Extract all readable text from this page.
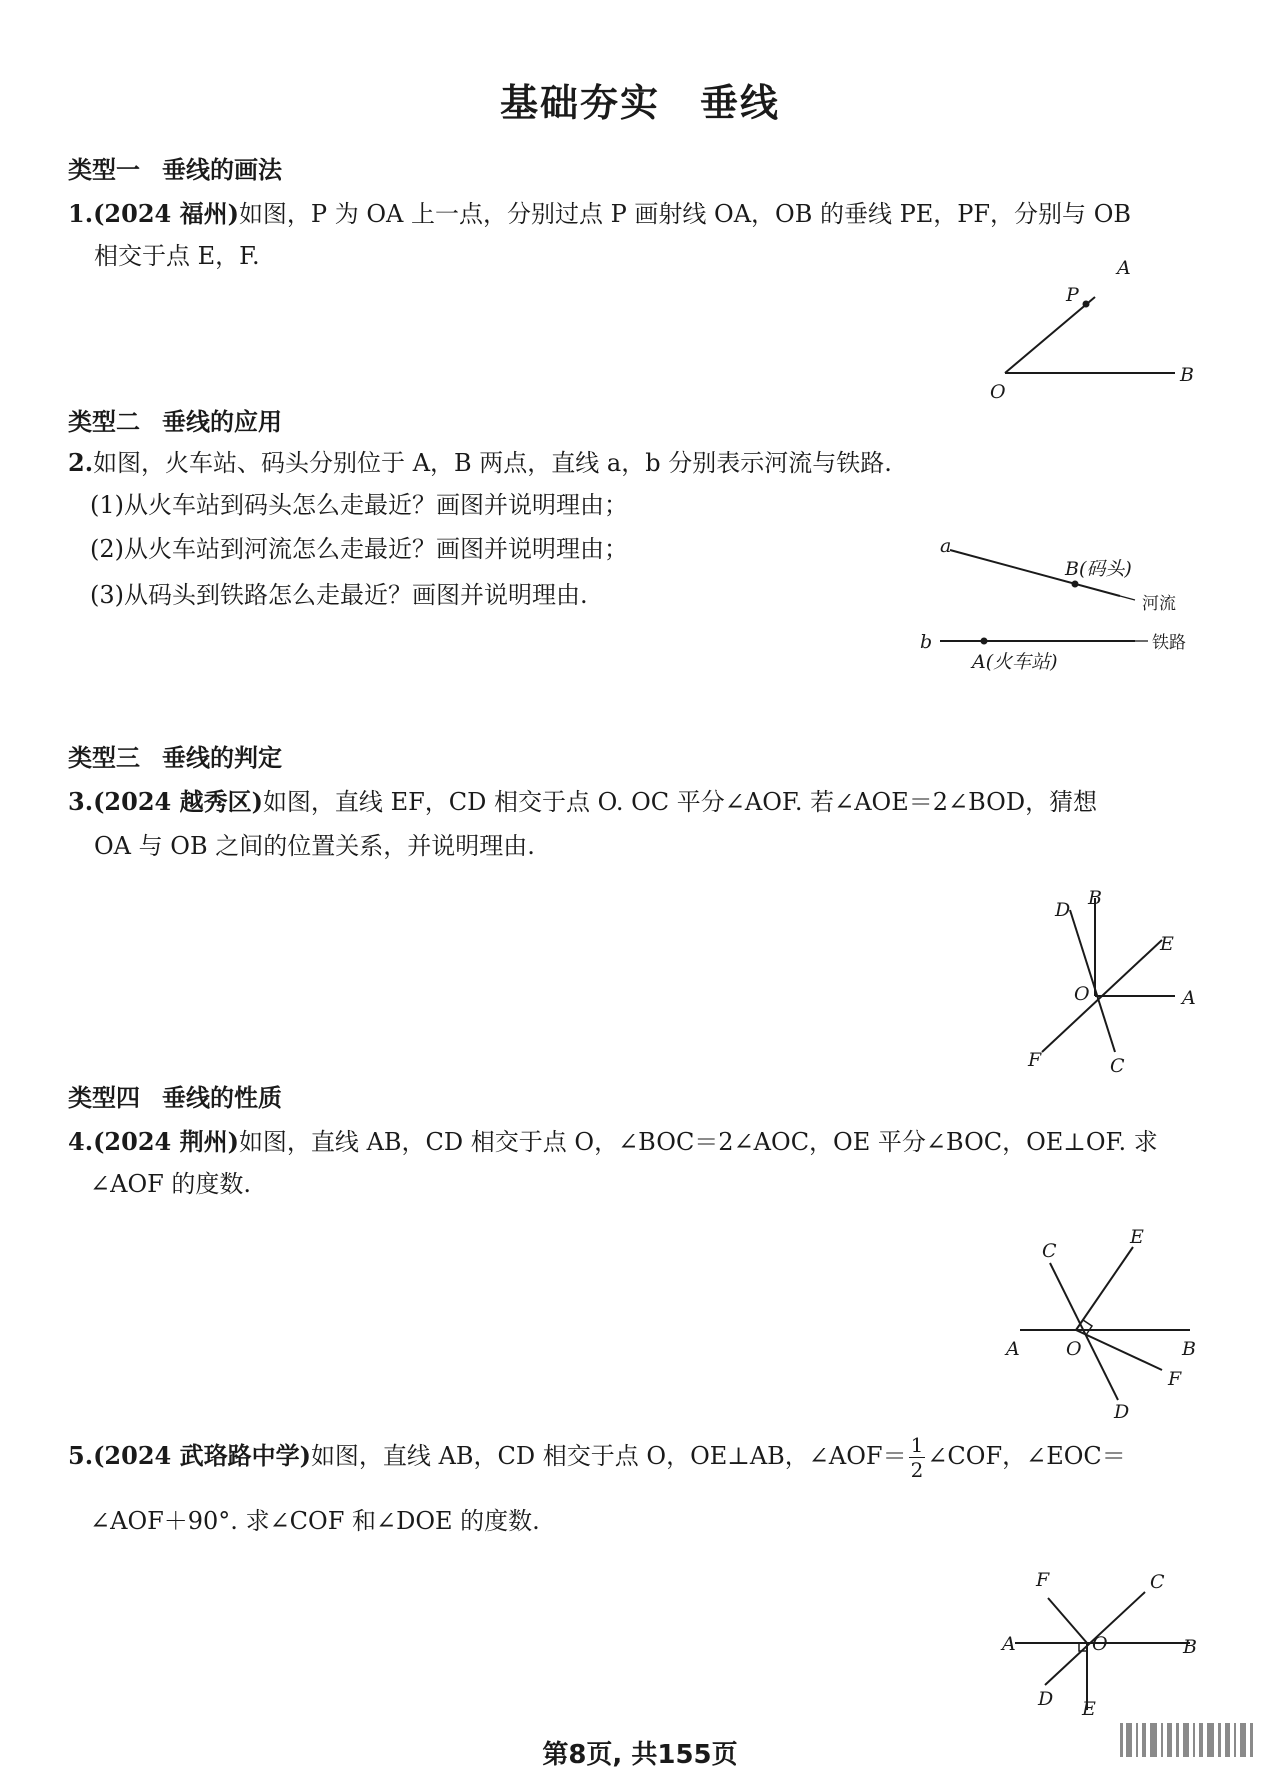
基础夯实　垂线
类型一 垂线的画法
1.(2024 福州)如图，P 为 OA 上一点，分别过点 P 画射线 OA，OB 的垂线 PE，PF，分别与 OB
相交于点 E，F.	A
P
O
B
类型二 垂线的应用
2.如图，火车站、码头分别位于 A，B 两点，直线 a，b 分别表示河流与铁路.
(1)从火车站到码头怎么走最近？画图并说明理由；
(2)从火车站到河流怎么走最近？画图并说明理由；
(3)从码头到铁路怎么走最近？画图并说明理由.
a
B(码头)
河流
b
A(火车站)
铁路
类型三 垂线的判定
3.(2024 越秀区)如图，直线 EF，CD 相交于点 O. OC 平分∠AOF. 若∠AOE＝2∠BOD，猜想
OA 与 OB 之间的位置关系，并说明理由.
D
B
E
O	A
F	C
类型四 垂线的性质
4.(2024 荆州)如图，直线 AB，CD 相交于点 O，∠BOC＝2∠AOC，OE 平分∠BOC，OE⊥OF. 求
∠AOF 的度数.
C
E
A O	B
F
D
5.(2024 武珞路中学)如图，直线 AB，CD 相交于点 O，OE⊥AB，∠AOF＝ $\frac{1}{2}$ ∠COF，∠EOC＝
∠AOF＋90°. 求∠COF 和∠DOE 的度数.
F	C
A	O	B
D E
第8页, 共155页
